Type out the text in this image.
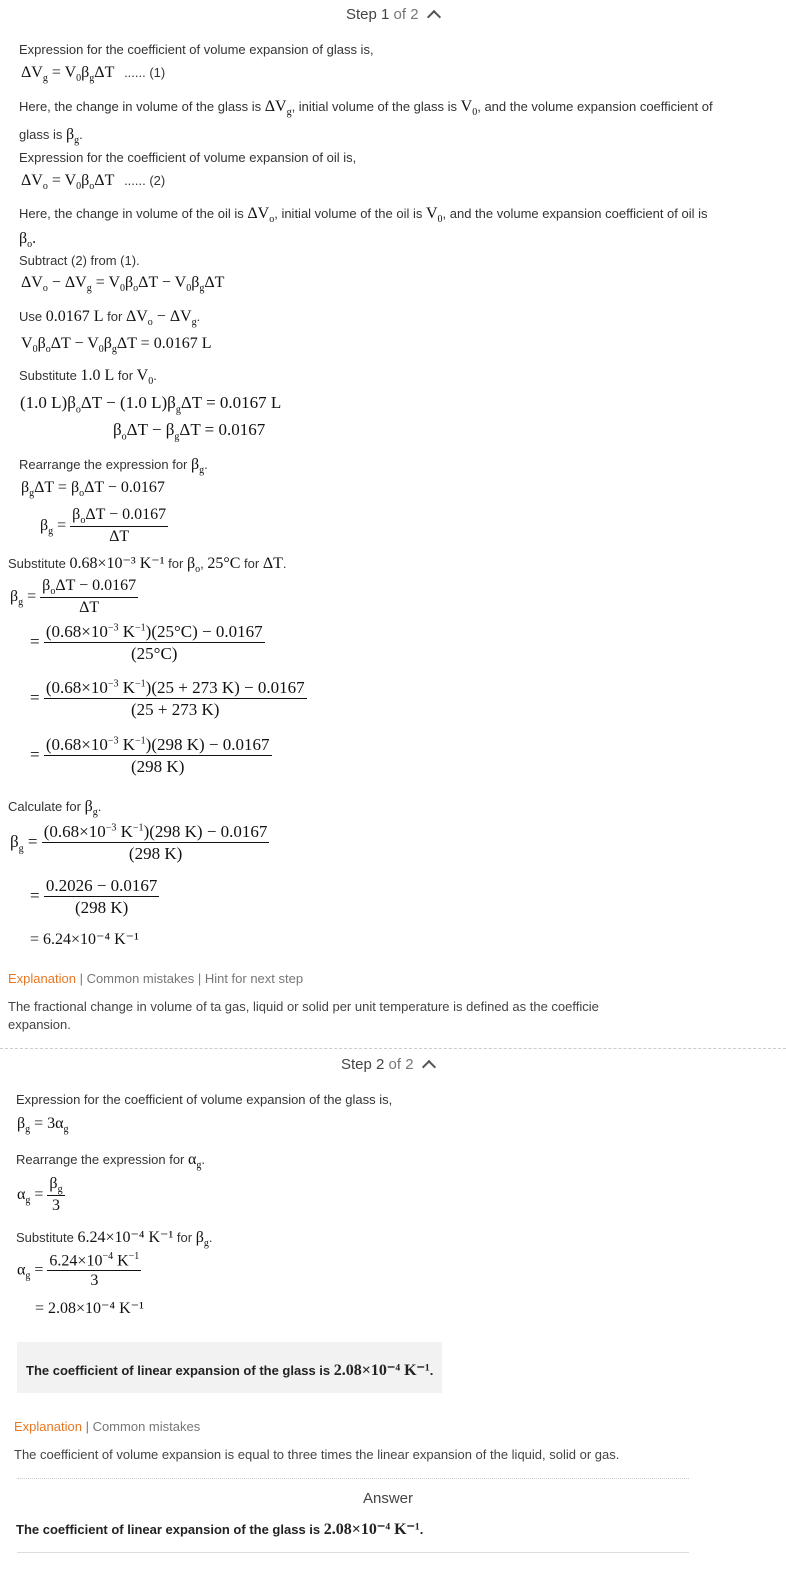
Step 1 of 2
Expression for the coefficient of volume expansion of glass is,
$\Delta V_g = V_0\beta_g\Delta T$ ...... (1)
Here, the change in volume of the glass is $\Delta V_g$, initial volume of the glass is $V_0$, and the volume expansion coefficient of
glass is $\beta_g$.
Expression for the coefficient of volume expansion of oil is,
$\Delta V_o = V_0\beta_o\Delta T$ ...... (2)
Here, the change in volume of the oil is $\Delta V_o$, initial volume of the oil is $V_0$, and the volume expansion coefficient of oil is
$\beta_o$.
Subtract (2) from (1).
$\Delta V_o - \Delta V_g = V_0\beta_o\Delta T - V_0\beta_g\Delta T$
Use 0.0167 L for $\Delta V_o - \Delta V_g$.
$V_0\beta_o\Delta T - V_0\beta_g\Delta T = 0.0167$ L
Substitute 1.0 L for $V_0$.
(1.0 $L)\beta_o\Delta T - (1.0$ $L)\beta_g\Delta T = 0.0167$ L
$\beta_o\Delta T - \beta_g\Delta T = 0.0167$
Rearrange the expression for $\beta_g$.
$\beta_g\Delta T = \beta_o\Delta T - 0.0167$
$\beta_g = \frac{\beta_o\Delta T - 0.0167}{\Delta T}$
Substitute 0.68×10⁻³ K⁻¹ for $\beta_o$, 25°C for ΔT.
$\beta_g = \frac{\beta_o\Delta T - 0.0167}{\Delta T}$
= $\frac{(0.68\times 10^{-3} K^{-1})(25^\circ C) - 0.0167}{(25^\circ C)}$
= $\frac{(0.68\times 10^{-3} K^{-1})(25 + 273 K) - 0.0167}{(25 + 273 K)}$
= $\frac{(0.68\times 10^{-3} K^{-1})(298 K) - 0.0167}{(298 K)}$
Calculate for $\beta_g$.
$\beta_g = \frac{(0.68\times 10^{-3} K^{-1})(298 K) - 0.0167}{(298 K)}$
= $\frac{0.2026 - 0.0167}{(298 K)}$
= 6.24×10⁻⁴ K⁻¹
Explanation | Common mistakes | Hint for next step
The fractional change in volume of ta gas, liquid or solid per unit temperature is defined as the coefficie expansion.
Step 2 of 2
Expression for the coefficient of volume expansion of the glass is,
$\beta_g = 3\alpha_g$
Rearrange the expression for $\alpha_g$.
$\alpha_g = \frac{\beta_g}{3}$
Substitute 6.24×10⁻⁴ K⁻¹ for $\beta_g$.
$\alpha_g = \frac{6.24\times 10^{-4} K^{-1}}{3}$
= 2.08×10⁻⁴ K⁻¹
The coefficient of linear expansion of the glass is 2.08×10⁻⁴ K⁻¹.
Explanation | Common mistakes
The coefficient of volume expansion is equal to three times the linear expansion of the liquid, solid or gas.
Answer
The coefficient of linear expansion of the glass is 2.08×10⁻⁴ K⁻¹.
